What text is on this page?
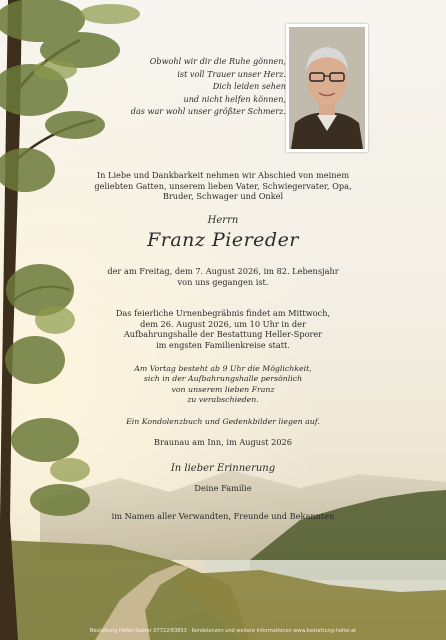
Obwohl wir dir die Ruhe gönnen,
ist voll Trauer unser Herz.
Dich leiden sehen
und nicht helfen können,
das war wohl unser größter Schmerz.
In Liebe und Dankbarkeit nehmen wir Abschied von meinem
geliebten Gatten, unserem lieben Vater, Schwiegervater, Opa,
Bruder, Schwager und Onkel
Herrn
Franz Piereder
der am Freitag, dem 7. August 2026, im 82. Lebensjahr
von uns gegangen ist.
Das feierliche Urnenbegräbnis findet am Mittwoch,
dem 26. August 2026, um 10 Uhr in der
Aufbahrungshalle der Bestattung Heller-Sporer
im engsten Familienkreise statt.
Am Vortag besteht ab 9 Uhr die Möglichkeit,
sich in der Aufbahrungshalle persönlich
von unserem lieben Franz
zu verabschieden.
Ein Kondolenzbuch und Gedenkbilder liegen auf.
Braunau am Inn, im August 2026
In lieber Erinnerung
Deine Familie
im Namen aller Verwandten, Freunde und Bekannten
Bestattung Heller-Sporer 07722/63853 · Kondolenzen und weitere Informationen www.bestattung-heller.at
